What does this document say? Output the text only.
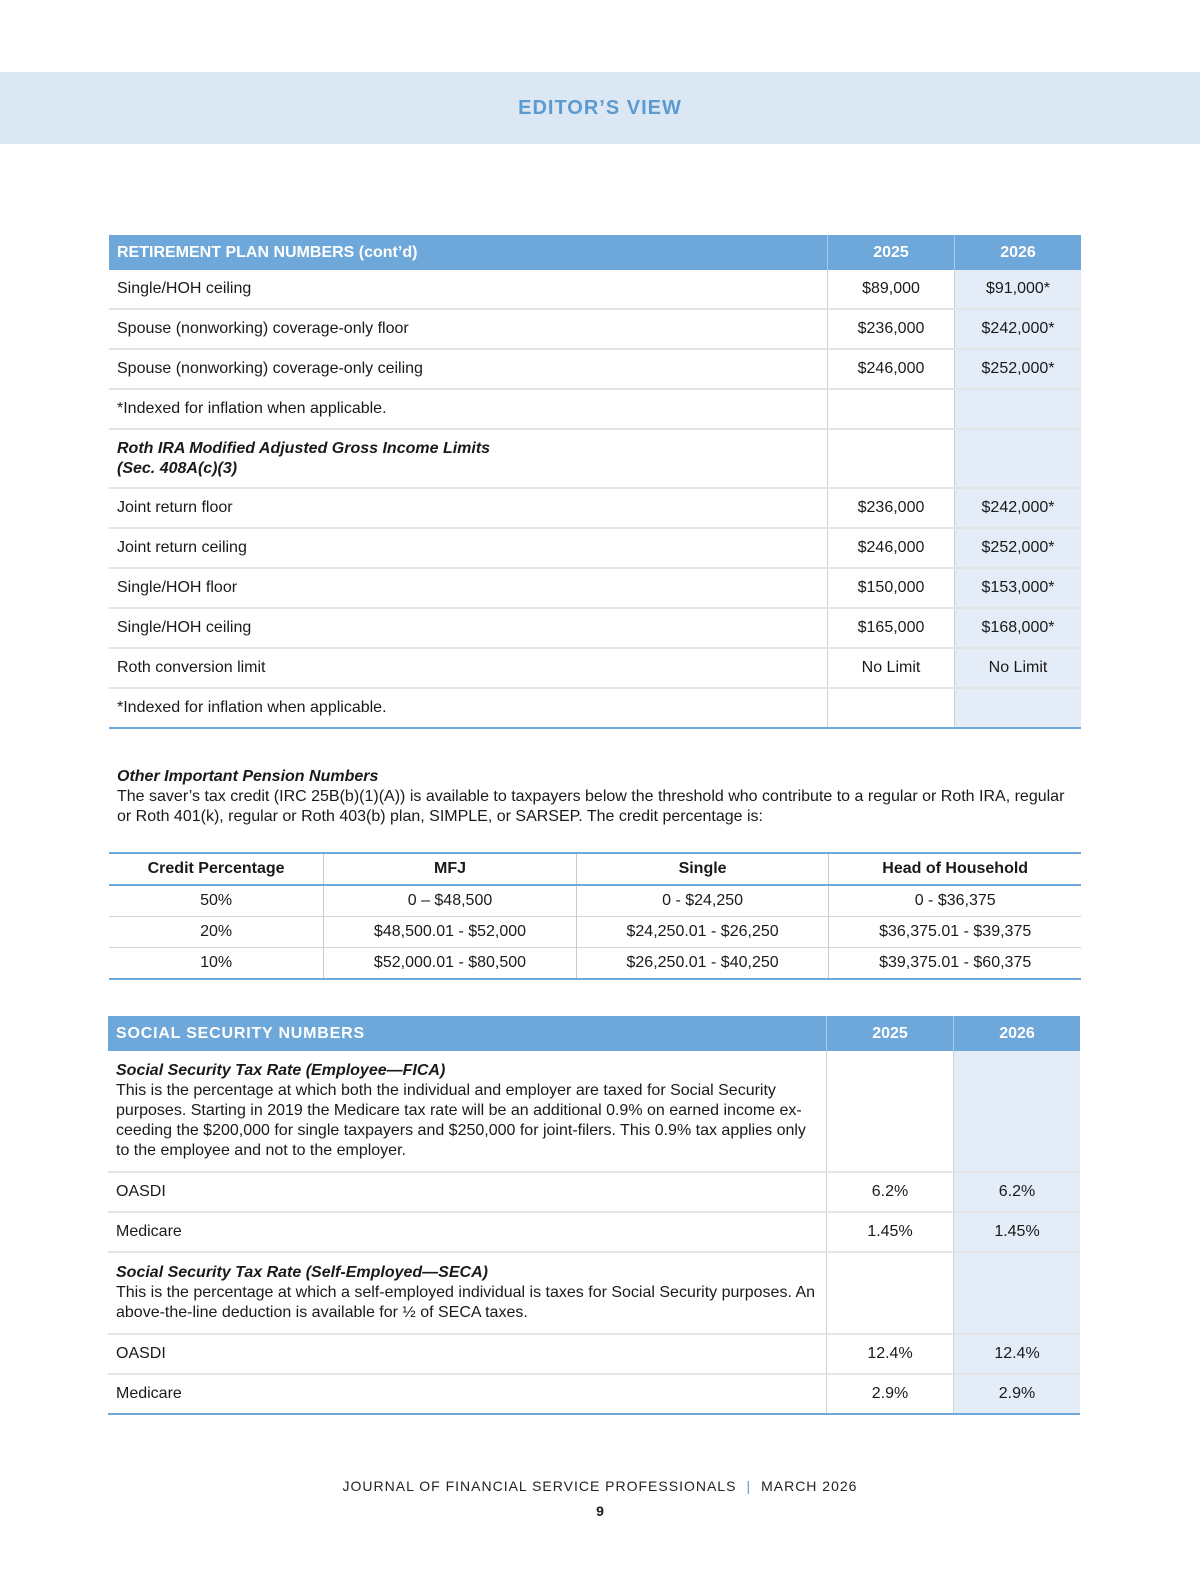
EDITOR’S VIEW
RETIREMENT PLAN NUMBERS (cont’d)	2025	2026
Single/HOH ceiling	$89,000	$91,000*
Spouse (nonworking) coverage-only floor	$236,000	$242,000*
Spouse (nonworking) coverage-only ceiling	$246,000	$252,000*
*Indexed for inflation when applicable.		

Roth IRA Modified Adjusted Gross Income Limits
(Sec. 408A(c)(3)		

Joint return floor	$236,000	$242,000*
Joint return ceiling	$246,000	$252,000*
Single/HOH floor	$150,000	$153,000*
Single/HOH ceiling	$165,000	$168,000*
Roth conversion limit	No Limit	No Limit
*Indexed for inflation when applicable.		
Other Important Pension Numbers
The saver’s tax credit (IRC 25B(b)(1)(A)) is available to taxpayers below the threshold who contribute to a regular or Roth IRA, regular or Roth 401(k), regular or Roth 403(b) plan, SIMPLE, or SARSEP. The credit percentage is:
Credit Percentage	MFJ	Single	Head of Household
50%	0 – $48,500	0 - $24,250	0 - $36,375
20%	$48,500.01 - $52,000	$24,250.01 - $26,250	$36,375.01 - $39,375
10%	$52,000.01 - $80,500	$26,250.01 - $40,250	$39,375.01 - $60,375
SOCIAL SECURITY NUMBERS	2025	2026

Social Security Tax Rate (Employee—FICA)
This is the percentage at which both the individual and employer are taxed for Social Security purposes. Starting in 2019 the Medicare tax rate will be an additional 0.9% on earned income ex-ceeding the $200,000 for single taxpayers and $250,000 for joint-filers. This 0.9% tax applies only to the employee and not to the employer.		
OASDI	6.2%	6.2%
Medicare	1.45%	1.45%

Social Security Tax Rate (Self-Employed—SECA)
This is the percentage at which a self-employed individual is taxes for Social Security purposes. An above-the-line deduction is available for ½ of SECA taxes.		
OASDI	12.4%	12.4%
Medicare	2.9%	2.9%
JOURNAL OF FINANCIAL SERVICE PROFESSIONALS | MARCH 2026
9
